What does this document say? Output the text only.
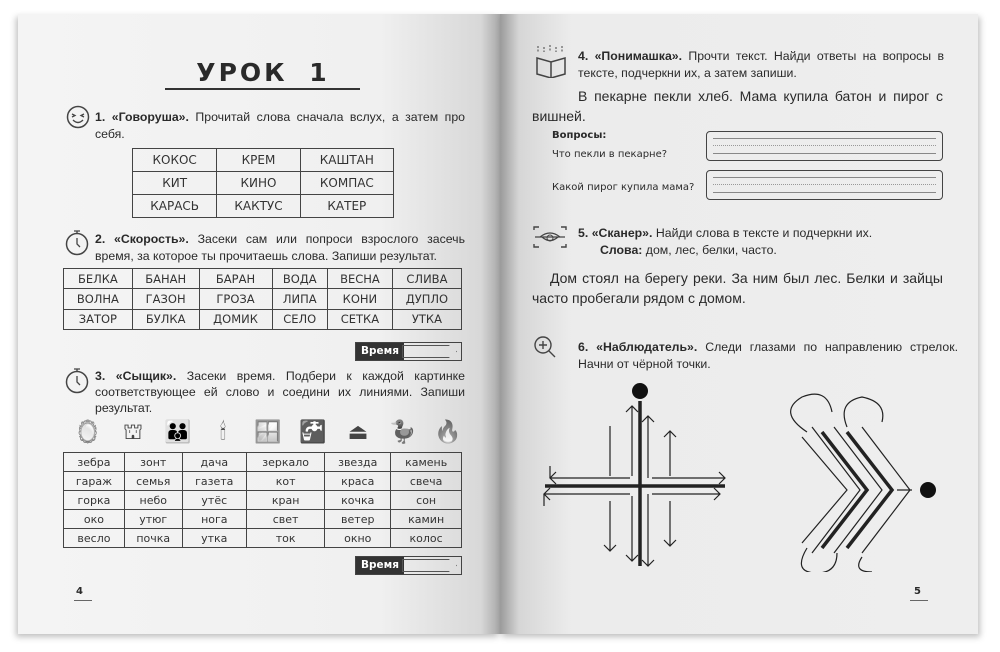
УРОК 1
1. «Говоруша». Прочитай слова сначала вслух, а затем про себя.
КОКОС	КРЕМ	КАШТАН
КИТ	КИНО	КОМПАС
КАРАСЬ	КАКТУС	КАТЕР
2. «Скорость». Засеки сам или попроси взрослого засечь время, за которое ты прочитаешь слова. Запиши результат.
БЕЛКА	БАНАН	БАРАН	ВОДА	ВЕСНА	СЛИВА
ВОЛНА	ГАЗОН	ГРОЗА	ЛИПА	КОНИ	ДУПЛО
ЗАТОР	БУЛКА	ДОМИК	СЕЛО	СЕТКА	УТКА
Время
3. «Сыщик». Засеки время. Подбери к каждой картинке соответствующее ей слово и соедини их линиями. Запиши результат.
🪞 ⛫ 👪	🕯	🪟 🚰 ⏏ 🦆 🔥
зебра	зонт	дача	зеркало	звезда	камень
гараж	семья	газета	кот	краса	свеча
горка	небо	утёс	кран	кочка	сон
око	утюг	нога	свет	ветер	камин
весло	почка	утка	ток	окно	колос
Время
4
4. «Понимашка». Прочти текст. Найди ответы на вопросы в тексте, подчеркни их, а затем запиши.
В пекарне пекли хлеб. Мама купила батон и пирог с вишней.
Вопросы:
Что пекли в пекарне?
Какой пирог купила мама?
5. «Сканер». Найди слова в тексте и подчеркни их.
Слова: дом, лес, белки, часто.
Дом стоял на берегу реки. За ним был лес. Белки и зайцы часто пробегали рядом с домом.
6. «Наблюдатель». Следи глазами по направлению стрелок. Начни от чёрной точки.
5
